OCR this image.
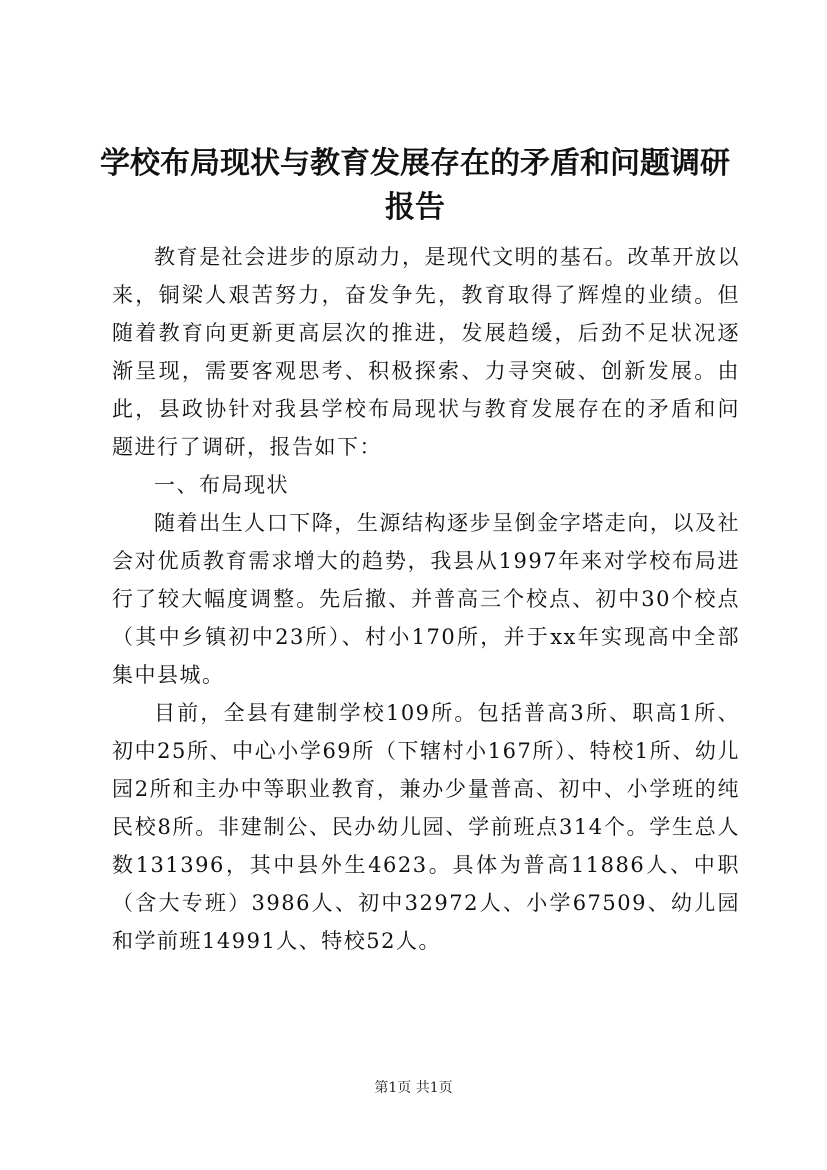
学校布局现状与教育发展存在的矛盾和问题调研报告

教育是社会进步的原动力，是现代文明的基石。改革开放以来，铜梁人艰苦努力，奋发争先，教育取得了辉煌的业绩。但随着教育向更新更高层次的推进，发展趋缓，后劲不足状况逐渐呈现，需要客观思考、积极探索、力寻突破、创新发展。由此，县政协针对我县学校布局现状与教育发展存在的矛盾和问题进行了调研，报告如下：

一、布局现状

随着出生人口下降，生源结构逐步呈倒金字塔走向，以及社会对优质教育需求增大的趋势，我县从1997年来对学校布局进行了较大幅度调整。先后撤、并普高三个校点、初中30个校点（其中乡镇初中23所）、村小170所，并于xx年实现高中全部集中县城。

目前，全县有建制学校109所。包括普高3所、职高1所、初中25所、中心小学69所（下辖村小167所）、特校1所、幼儿园2所和主办中等职业教育，兼办少量普高、初中、小学班的纯民校8所。非建制公、民办幼儿园、学前班点314个。学生总人数131396，其中县外生4623。具体为普高11886人、中职（含大专班）3986人、初中32972人、小学67509、幼儿园和学前班14991人、特校52人。

第1页 共1页
